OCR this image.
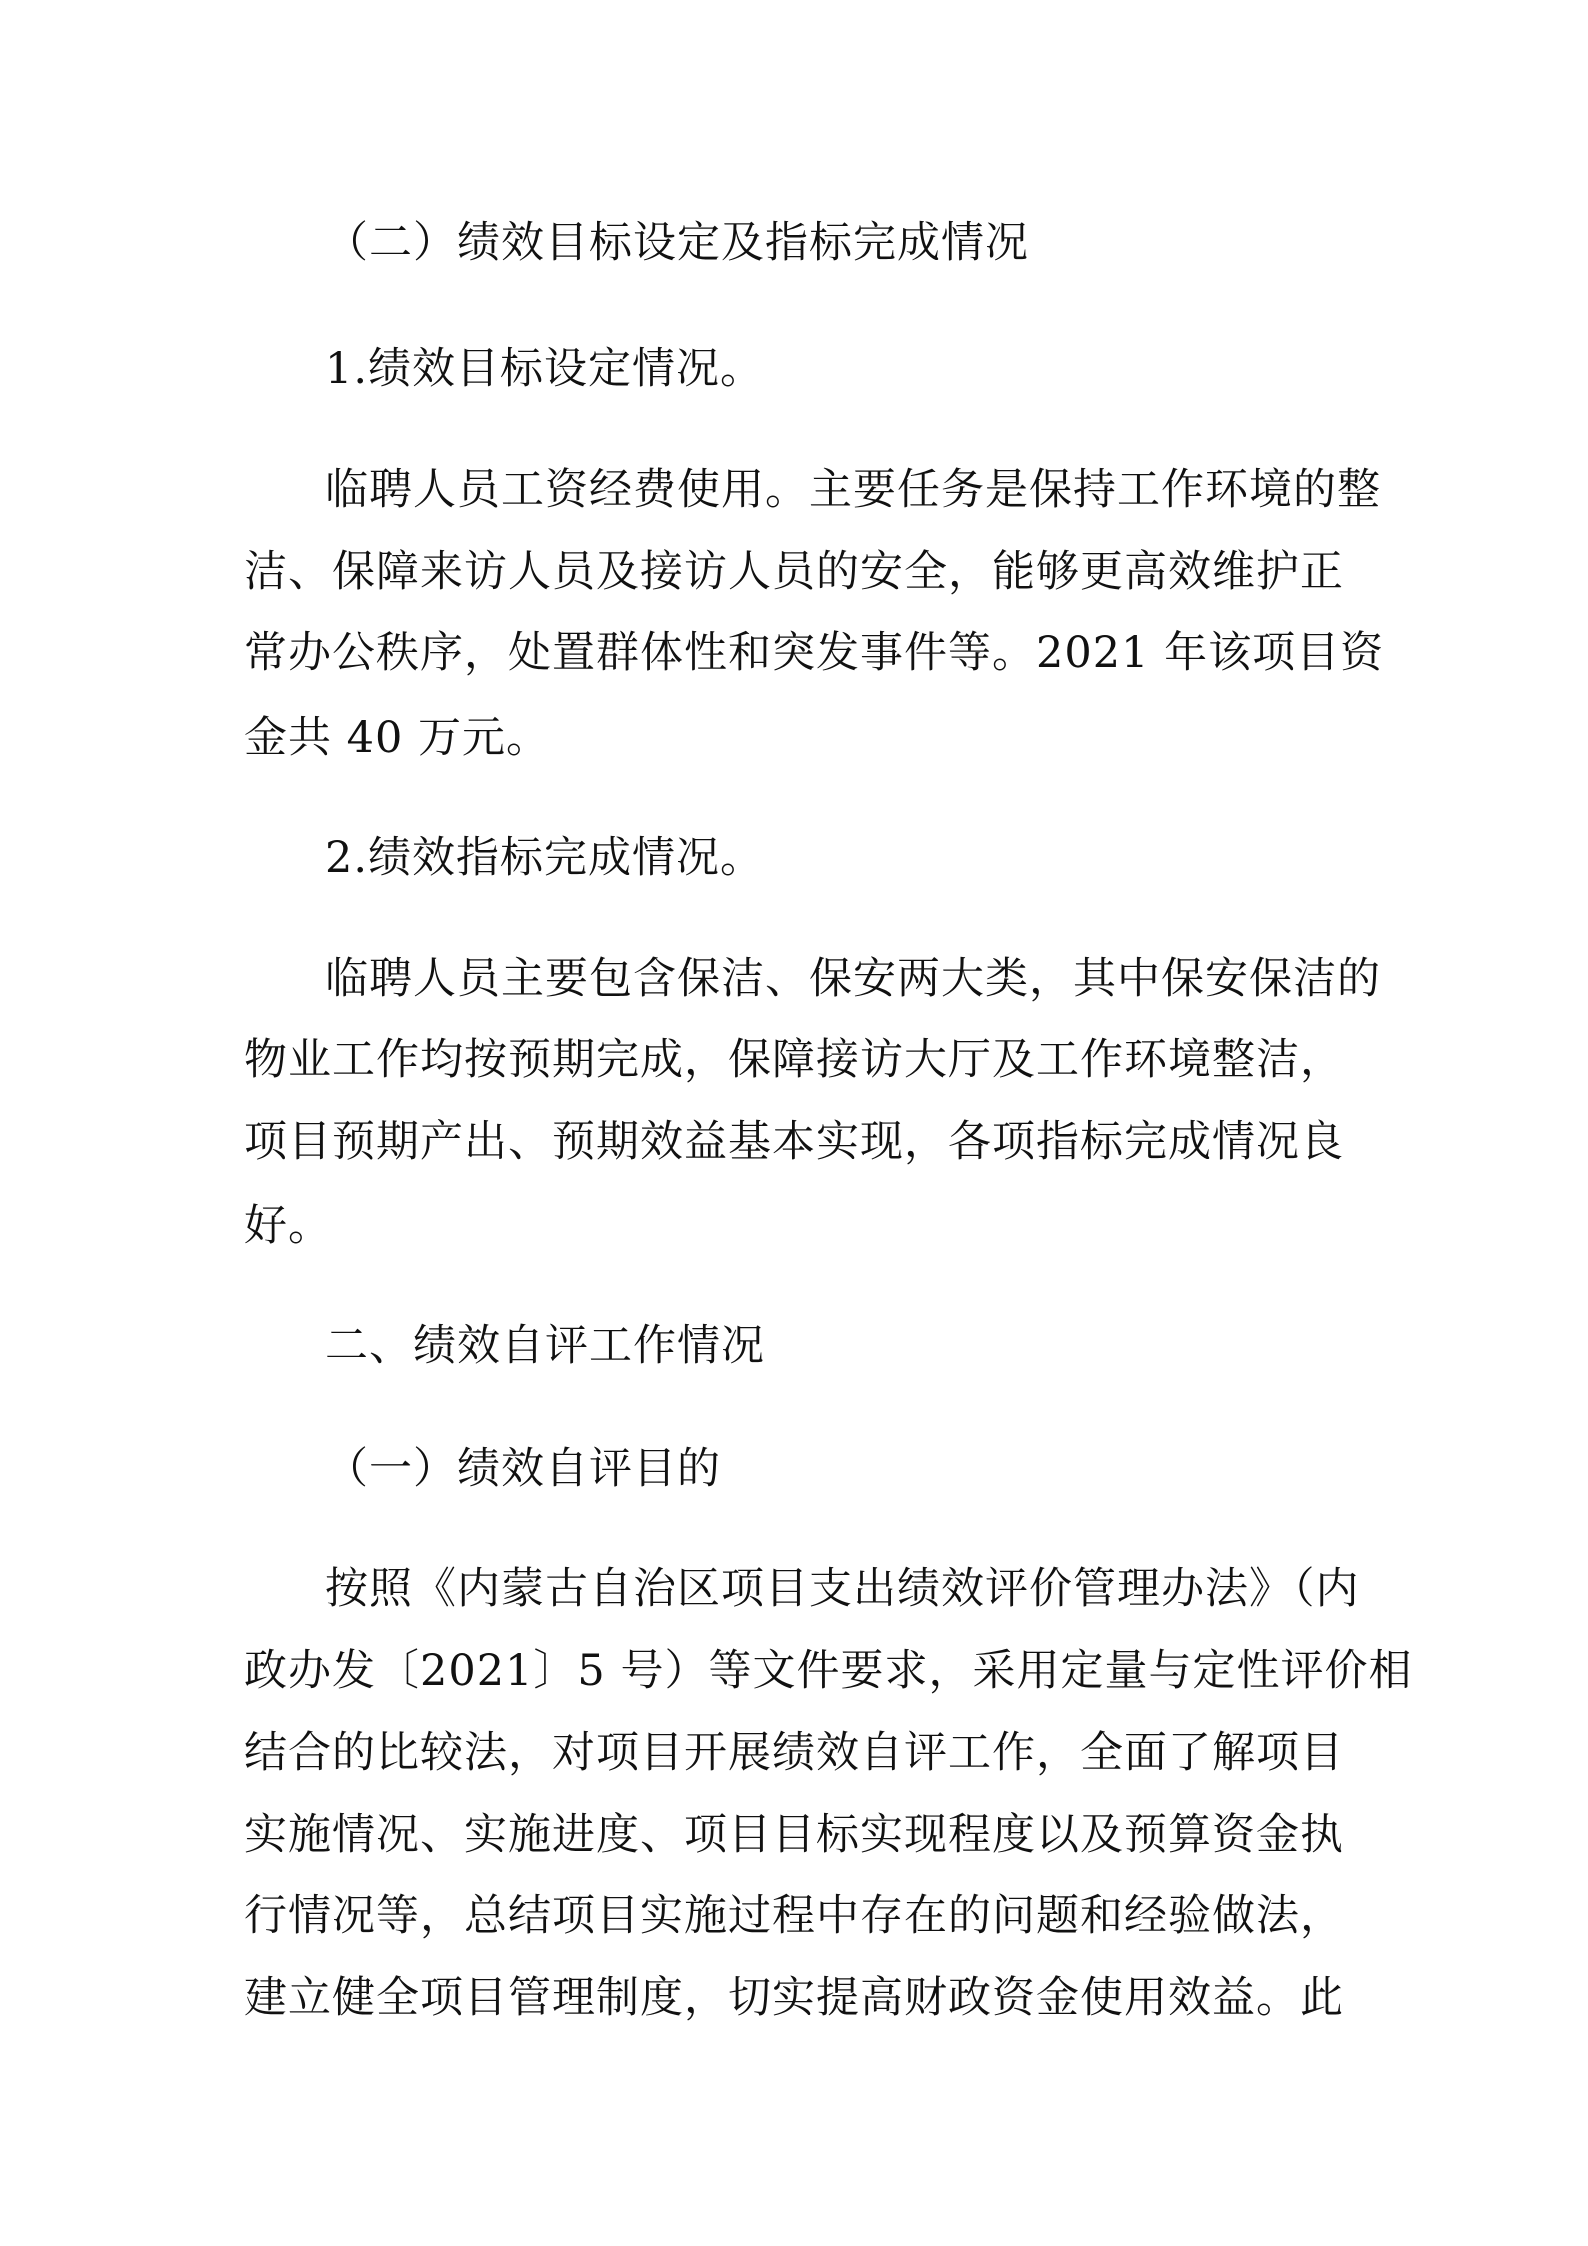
（二）绩效目标设定及指标完成情况
1.绩效目标设定情况。
临聘人员工资经费使用。主要任务是保持工作环境的整
洁、保障来访人员及接访人员的安全，能够更高效维护正
常办公秩序，处置群体性和突发事件等。2021 年该项目资
金共 40 万元。
2.绩效指标完成情况。
临聘人员主要包含保洁、保安两大类，其中保安保洁的
物业工作均按预期完成，保障接访大厅及工作环境整洁，
项目预期产出、预期效益基本实现，各项指标完成情况良
好。
二、绩效自评工作情况
（一）绩效自评目的
按照《内蒙古自治区项目支出绩效评价管理办法》（内
政办发〔2021〕5 号）等文件要求，采用定量与定性评价相
结合的比较法，对项目开展绩效自评工作，全面了解项目
实施情况、实施进度、项目目标实现程度以及预算资金执
行情况等，总结项目实施过程中存在的问题和经验做法，
建立健全项目管理制度，切实提高财政资金使用效益。此
